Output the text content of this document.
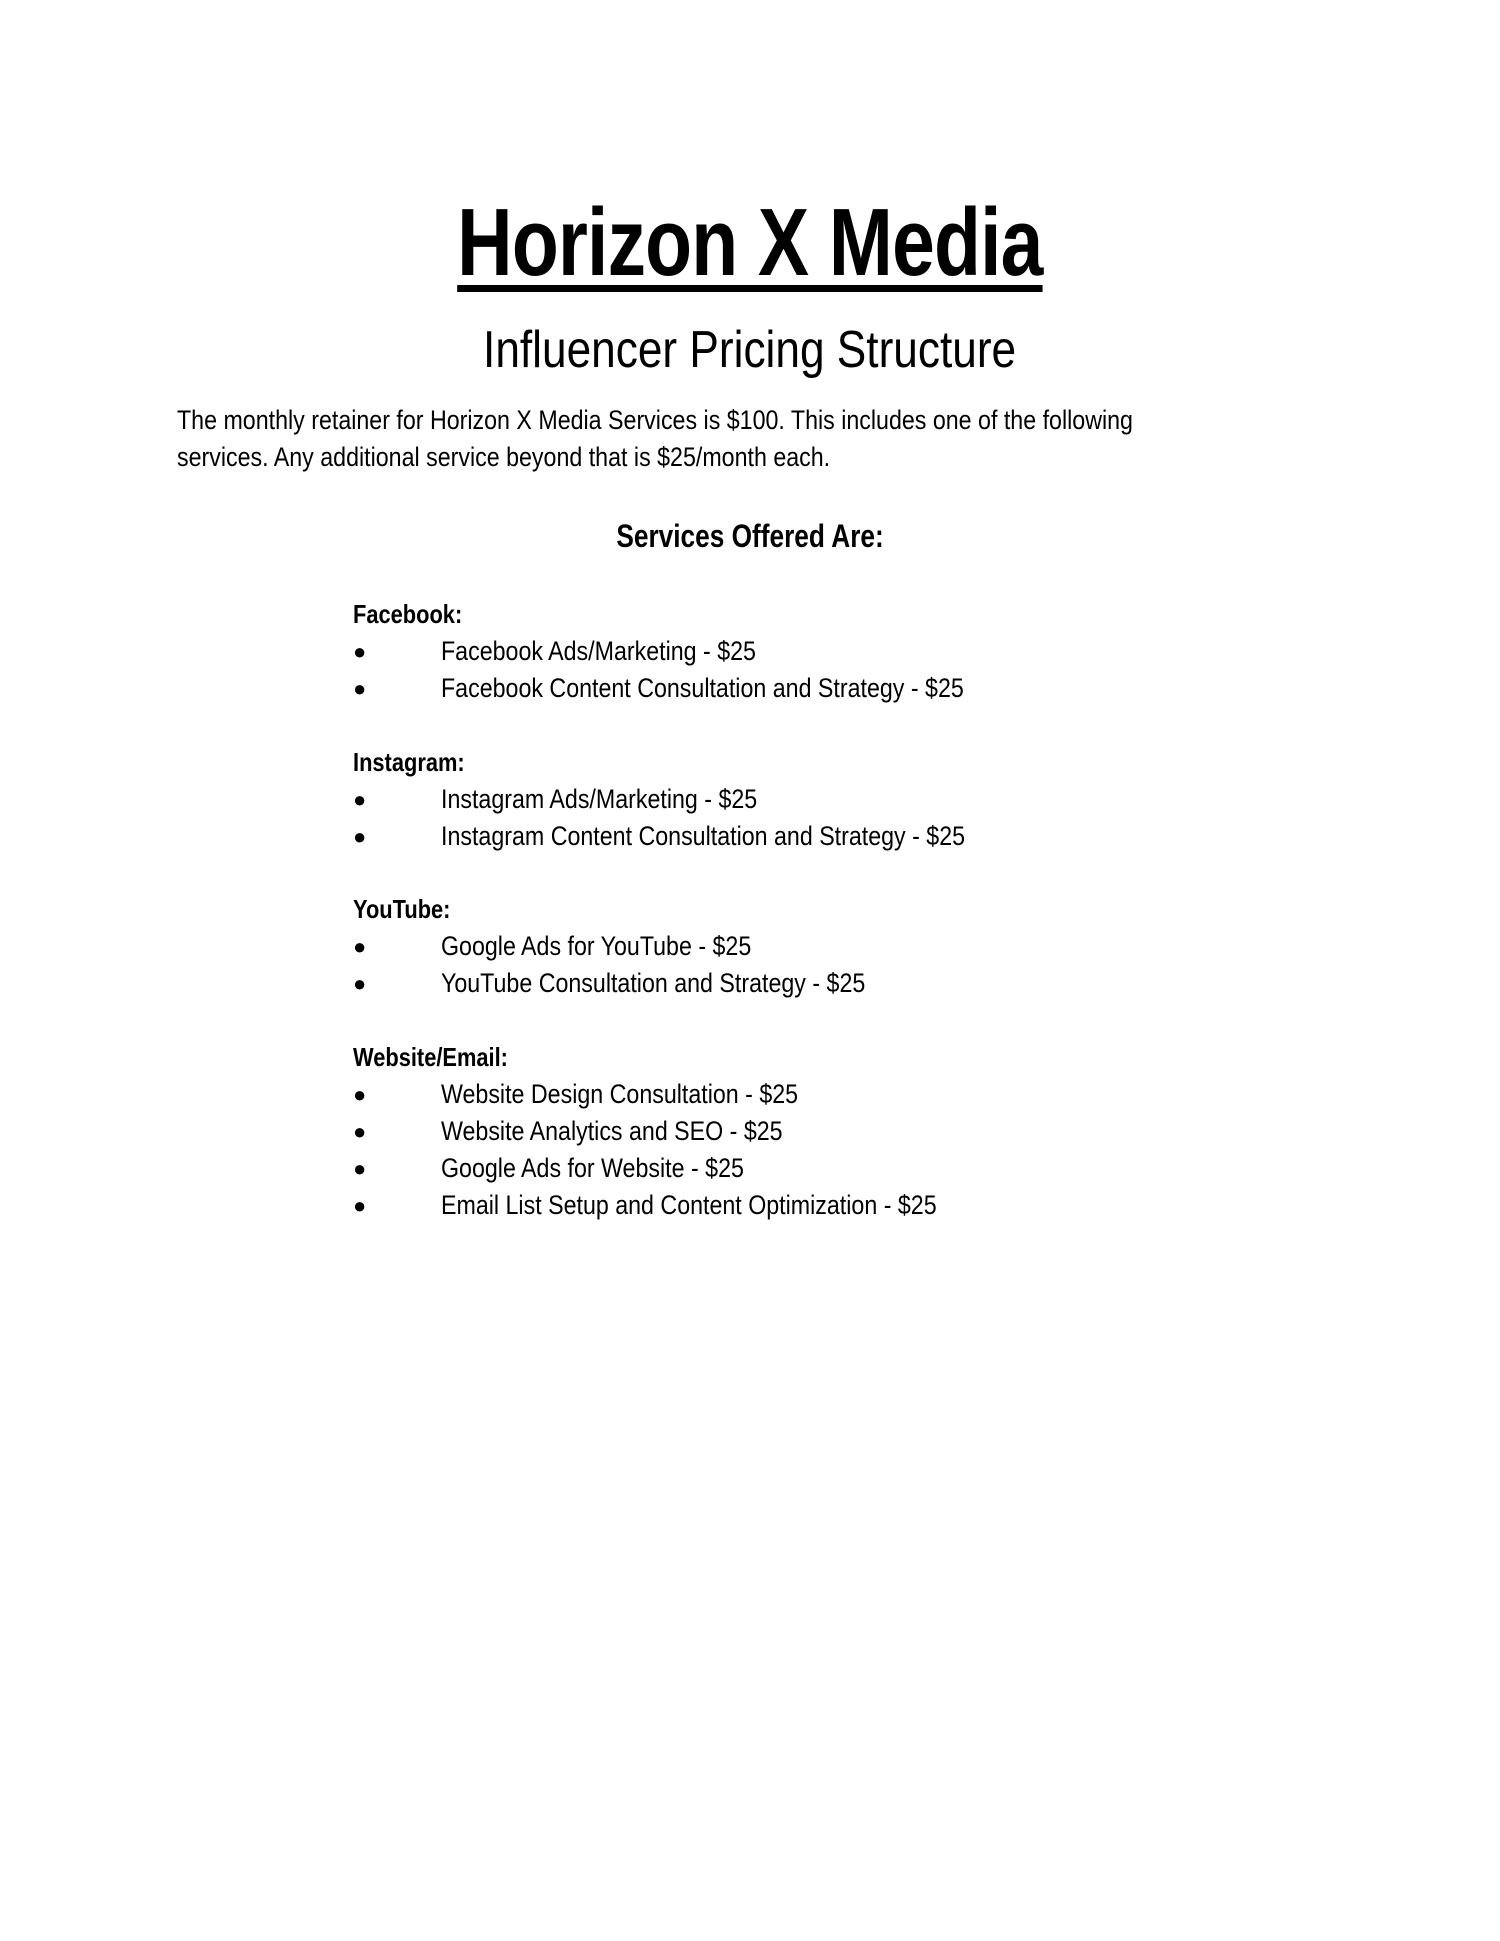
Horizon X Media
Influencer Pricing Structure
The monthly retainer for Horizon X Media Services is $100. This includes one of the following
services. Any additional service beyond that is $25/month each.
Services Offered Are:
Facebook:
●	Facebook Ads/Marketing - $25
●	Facebook Content Consultation and Strategy - $25
Instagram:
●	Instagram Ads/Marketing - $25
●	Instagram Content Consultation and Strategy - $25
YouTube:
●	Google Ads for YouTube - $25
●	YouTube Consultation and Strategy - $25
Website/Email:
●	Website Design Consultation - $25
●	Website Analytics and SEO - $25
●	Google Ads for Website - $25
●	Email List Setup and Content Optimization - $25
